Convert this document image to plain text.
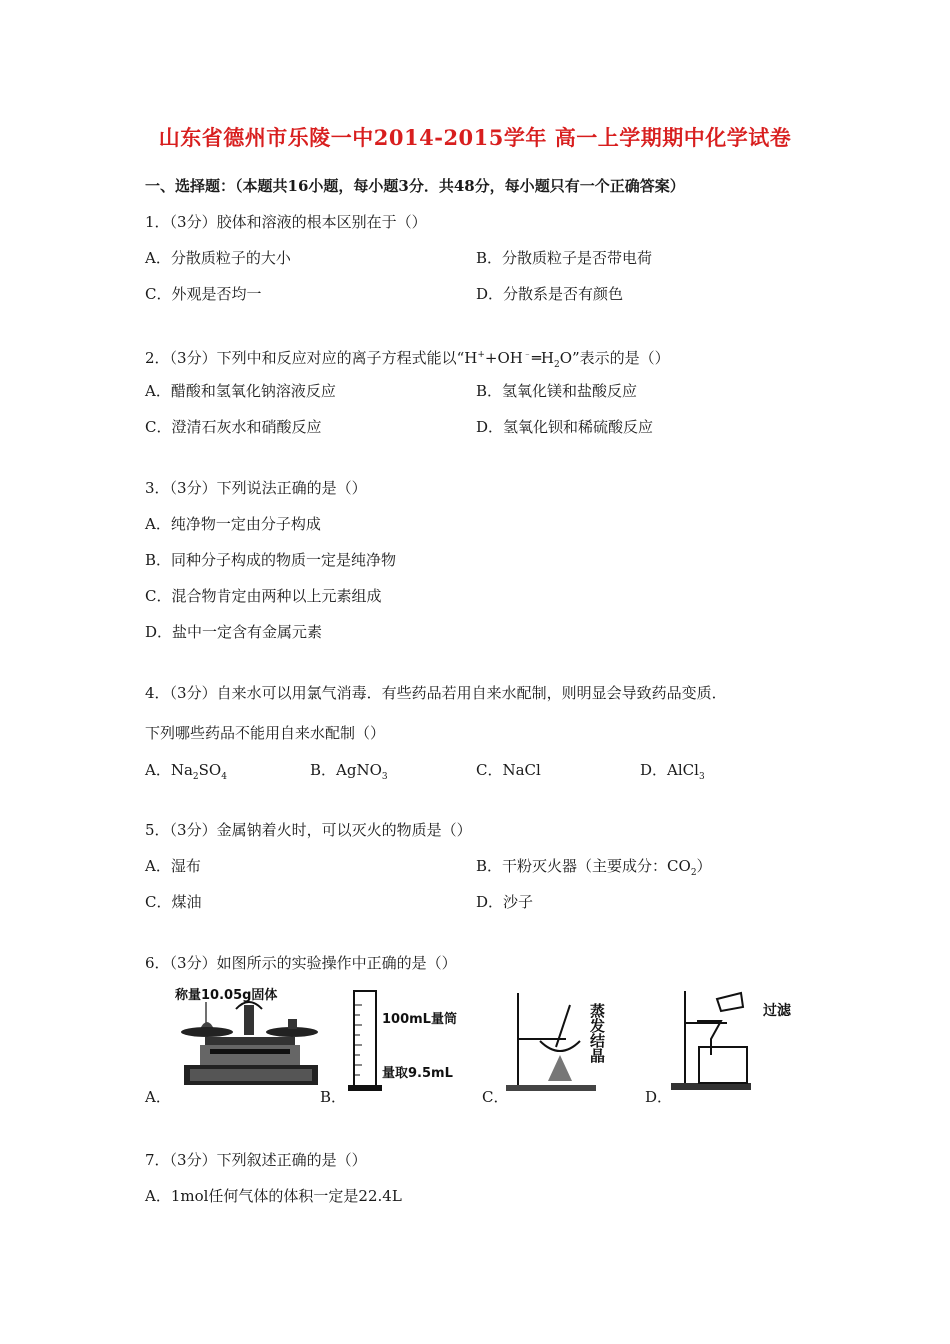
山东省德州市乐陵一中2014-2015学年 高一上学期期中化学试卷
一、选择题：（本题共16小题，每小题3分．共48分，每小题只有一个正确答案）
1．（3分）胶体和溶液的根本区别在于（）
A．分散质粒子的大小	B．分散质粒子是否带电荷
C．外观是否均一	D．分散系是否有颜色
2．（3分）下列中和反应对应的离子方程式能以“$H^++OH^﹣═H_2O$”表示的是（）
A．醋酸和氢氧化钠溶液反应	B．氢氧化镁和盐酸反应
C．澄清石灰水和硝酸反应	D．氢氧化钡和稀硫酸反应
3．（3分）下列说法正确的是（）
A．纯净物一定由分子构成
B．同种分子构成的物质一定是纯净物
C．混合物肯定由两种以上元素组成
D．盐中一定含有金属元素
4．（3分）自来水可以用氯气消毒．有些药品若用自来水配制，则明显会导致药品变质．
下列哪些药品不能用自来水配制（）
A．$Na_2SO_4$	B．AgNO$_3$	C．NaCl	D．AlCl$_3$
5．（3分）金属钠着火时，可以灭火的物质是（）
A．湿布	B．干粉灭火器（主要成分：$CO_2$）
C．煤油	D．沙子
6．（3分）如图所示的实验操作中正确的是（）
称量10.05g固体
100mL量筒
量取9.5mL
蒸发结晶	过滤
A．	B．	C．	D．
7．（3分）下列叙述正确的是（）
A．1mol任何气体的体积一定是22.4L
